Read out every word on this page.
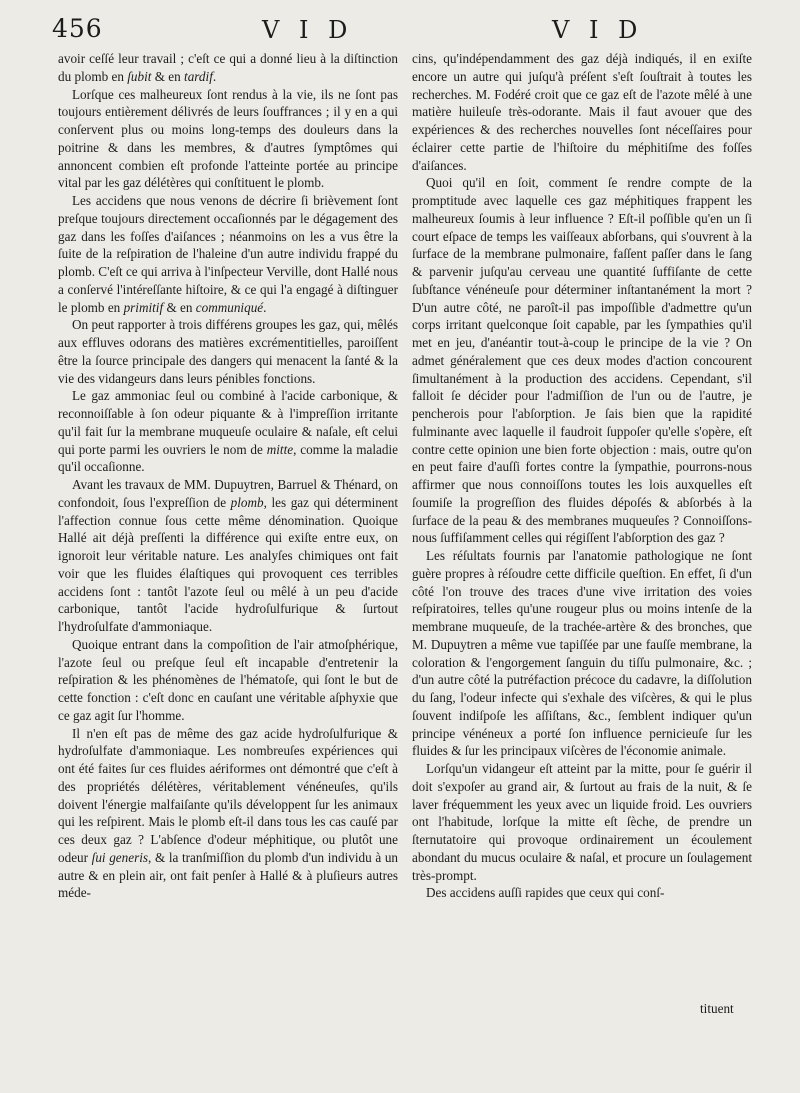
456	V I D	V I D

avoir ceſſé leur travail ; c'eſt ce qui a donné lieu à la diſtinction du plomb en ſubit & en tardif.

Lorſque ces malheureux ſont rendus à la vie, ils ne ſont pas toujours entièrement délivrés de leurs ſouffrances ; il y en a qui conſervent plus ou moins long-temps des douleurs dans la poitrine & dans les membres, & d'autres ſymptômes qui annoncent combien eſt profonde l'atteinte portée au principe vital par les gaz délétères qui conſtituent le plomb.

Les accidens que nous venons de décrire ſi brièvement ſont preſque toujours directement occaſionnés par le dégagement des gaz dans les foſſes d'aiſances ; néanmoins on les a vus être la ſuite de la reſpiration de l'haleine d'un autre individu frappé du plomb. C'eſt ce qui arriva à l'inſpecteur Verville, dont Hallé nous a conſervé l'intéreſſante hiſtoire, & ce qui l'a engagé à diſtinguer le plomb en primitif & en communiqué.

On peut rapporter à trois différens groupes les gaz, qui, mêlés aux effluves odorans des matières excrémentitielles, paroiſſent être la ſource principale des dangers qui menacent la ſanté & la vie des vidangeurs dans leurs pénibles fonctions.

Le gaz ammoniac ſeul ou combiné à l'acide carbonique, & reconnoiſſable à ſon odeur piquante & à l'impreſſion irritante qu'il fait ſur la membrane muqueuſe oculaire & naſale, eſt celui qui porte parmi les ouvriers le nom de mitte, comme la maladie qu'il occaſionne.

Avant les travaux de MM. Dupuytren, Barruel & Thénard, on confondoit, ſous l'expreſſion de plomb, les gaz qui déterminent l'affection connue ſous cette même dénomination. Quoique Hallé ait déjà preſſenti la différence qui exiſte entre eux, on ignoroit leur véritable nature. Les analyſes chimiques ont fait voir que les fluides élaſtiques qui provoquent ces terribles accidens ſont : tantôt l'azote ſeul ou mêlé à un peu d'acide carbonique, tantôt l'acide hydroſulfurique & ſurtout l'hydroſulfate d'ammoniaque.

Quoique entrant dans la compoſition de l'air atmoſphérique, l'azote ſeul ou preſque ſeul eſt incapable d'entretenir la reſpiration & les phénomènes de l'hématoſe, qui ſont le but de cette fonction : c'eſt donc en cauſant une véritable aſphyxie que ce gaz agit ſur l'homme.

Il n'en eſt pas de même des gaz acide hydroſulfurique & hydroſulfate d'ammoniaque. Les nombreuſes expériences qui ont été faites ſur ces fluides aériformes ont démontré que c'eſt à des propriétés délétères, véritablement vénéneuſes, qu'ils doivent l'énergie malfaiſante qu'ils développent ſur les animaux qui les reſpirent. Mais le plomb eſt-il dans tous les cas cauſé par ces deux gaz ? L'abſence d'odeur méphitique, ou plutôt une odeur ſui generis, & la tranſmiſſion du plomb d'un individu à un autre & en plein air, ont fait penſer à Hallé & à pluſieurs autres méde-

cins, qu'indépendamment des gaz déjà indiqués, il en exiſte encore un autre qui juſqu'à préſent s'eſt ſouſtrait à toutes les recherches. M. Fodéré croit que ce gaz eſt de l'azote mêlé à une matière huileuſe très-odorante. Mais il faut avouer que des expériences & des recherches nouvelles ſont néceſſaires pour éclairer cette partie de l'hiſtoire du méphitiſme des foſſes d'aiſances.

Quoi qu'il en ſoit, comment ſe rendre compte de la promptitude avec laquelle ces gaz méphitiques frappent les malheureux ſoumis à leur influence ? Eſt-il poſſible qu'en un ſi court eſpace de temps les vaiſſeaux abſorbans, qui s'ouvrent à la ſurface de la membrane pulmonaire, faſſent paſſer dans le ſang & parvenir juſqu'au cerveau une quantité ſuffiſante de cette ſubſtance vénéneuſe pour déterminer inſtantanément la mort ? D'un autre côté, ne paroît-il pas impoſſible d'admettre qu'un corps irritant quelconque ſoit capable, par les ſympathies qu'il met en jeu, d'anéantir tout-à-coup le principe de la vie ? On admet généralement que ces deux modes d'action concourent ſimultanément à la production des accidens. Cependant, s'il falloit ſe décider pour l'admiſſion de l'un ou de l'autre, je pencherois pour l'abſorption. Je ſais bien que la rapidité fulminante avec laquelle il faudroit ſuppoſer qu'elle s'opère, eſt contre cette opinion une bien forte objection : mais, outre qu'on en peut faire d'auſſi fortes contre la ſympathie, pourrons-nous affirmer que nous connoiſſons toutes les lois auxquelles eſt ſoumiſe la progreſſion des fluides dépoſés & abſorbés à la ſurface de la peau & des membranes muqueuſes ? Connoiſſons-nous ſuffiſamment celles qui régiſſent l'abſorption des gaz ?

Les réſultats fournis par l'anatomie pathologique ne ſont guère propres à réſoudre cette difficile queſtion. En effet, ſi d'un côté l'on trouve des traces d'une vive irritation des voies reſpiratoires, telles qu'une rougeur plus ou moins intenſe de la membrane muqueuſe, de la trachée-artère & des bronches, que M. Dupuytren a même vue tapiſſée par une fauſſe membrane, la coloration & l'engorgement ſanguin du tiſſu pulmonaire, &c. ; d'un autre côté la putréfaction précoce du cadavre, la diſſolution du ſang, l'odeur infecte qui s'exhale des viſcères, & qui le plus ſouvent indiſpoſe les aſſiſtans, &c., ſemblent indiquer qu'un principe vénéneux a porté ſon influence pernicieuſe ſur les fluides & ſur les principaux viſcères de l'économie animale.

Lorſqu'un vidangeur eſt atteint par la mitte, pour ſe guérir il doit s'expoſer au grand air, & ſurtout au frais de la nuit, & ſe laver fréquemment les yeux avec un liquide froid. Les ouvriers ont l'habitude, lorſque la mitte eſt ſèche, de prendre un ſternutatoire qui provoque ordinairement un écoulement abondant du mucus oculaire & naſal, et procure un ſoulagement très-prompt.

Des accidens auſſi rapides que ceux qui conſ-

tituent
